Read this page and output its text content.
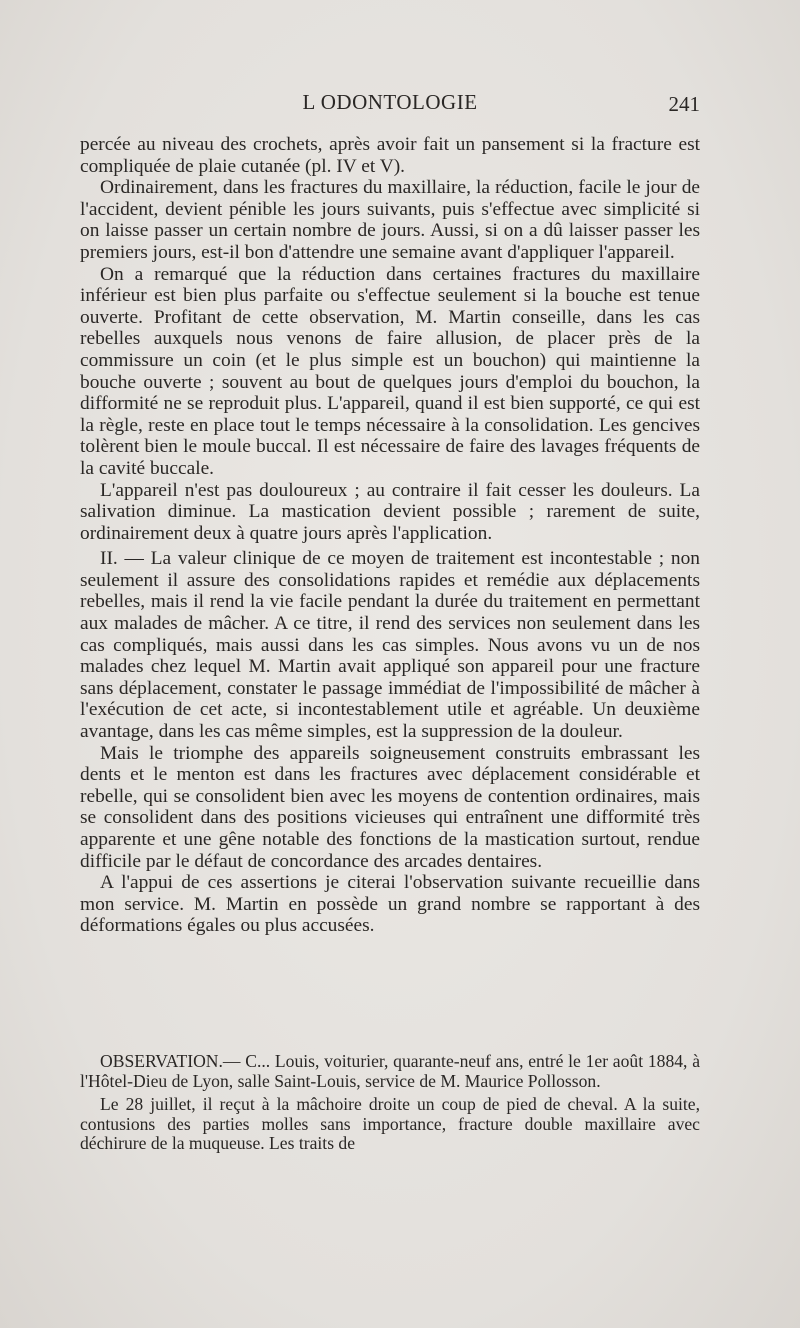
L ODONTOLOGIE	241

percée au niveau des crochets, après avoir fait un pansement si la fracture est compliquée de plaie cutanée (pl. IV et V).

Ordinairement, dans les fractures du maxillaire, la réduction, facile le jour de l'accident, devient pénible les jours suivants, puis s'effectue avec simplicité si on laisse passer un certain nombre de jours. Aussi, si on a dû laisser passer les premiers jours, est-il bon d'attendre une semaine avant d'appliquer l'appareil.

On a remarqué que la réduction dans certaines fractures du maxillaire inférieur est bien plus parfaite ou s'effectue seulement si la bouche est tenue ouverte. Profitant de cette observation, M. Martin conseille, dans les cas rebelles auxquels nous venons de faire allusion, de placer près de la commissure un coin (et le plus simple est un bouchon) qui maintienne la bouche ouverte ; souvent au bout de quelques jours d'emploi du bouchon, la difformité ne se reproduit plus. L'appareil, quand il est bien supporté, ce qui est la règle, reste en place tout le temps nécessaire à la consolidation. Les gencives tolèrent bien le moule buccal. Il est nécessaire de faire des lavages fréquents de la cavité buccale.

L'appareil n'est pas douloureux ; au contraire il fait cesser les douleurs. La salivation diminue. La mastication devient possible ; rarement de suite, ordinairement deux à quatre jours après l'application.

II. — La valeur clinique de ce moyen de traitement est incontestable ; non seulement il assure des consolidations rapides et remédie aux déplacements rebelles, mais il rend la vie facile pendant la durée du traitement en permettant aux malades de mâcher. A ce titre, il rend des services non seulement dans les cas compliqués, mais aussi dans les cas simples. Nous avons vu un de nos malades chez lequel M. Martin avait appliqué son appareil pour une fracture sans déplacement, constater le passage immédiat de l'impossibilité de mâcher à l'exécution de cet acte, si incontestablement utile et agréable. Un deuxième avantage, dans les cas même simples, est la suppression de la douleur.

Mais le triomphe des appareils soigneusement construits embrassant les dents et le menton est dans les fractures avec déplacement considérable et rebelle, qui se consolident bien avec les moyens de contention ordinaires, mais se consolident dans des positions vicieuses qui entraînent une difformité très apparente et une gêne notable des fonctions de la mastication surtout, rendue difficile par le défaut de concordance des arcades dentaires.

A l'appui de ces assertions je citerai l'observation suivante recueillie dans mon service. M. Martin en possède un grand nombre se rapportant à des déformations égales ou plus accusées.

OBSERVATION.— C... Louis, voiturier, quarante-neuf ans, entré le 1er août 1884, à l'Hôtel-Dieu de Lyon, salle Saint-Louis, service de M. Maurice Pollosson.

Le 28 juillet, il reçut à la mâchoire droite un coup de pied de cheval. A la suite, contusions des parties molles sans importance, fracture double maxillaire avec déchirure de la muqueuse. Les traits de
